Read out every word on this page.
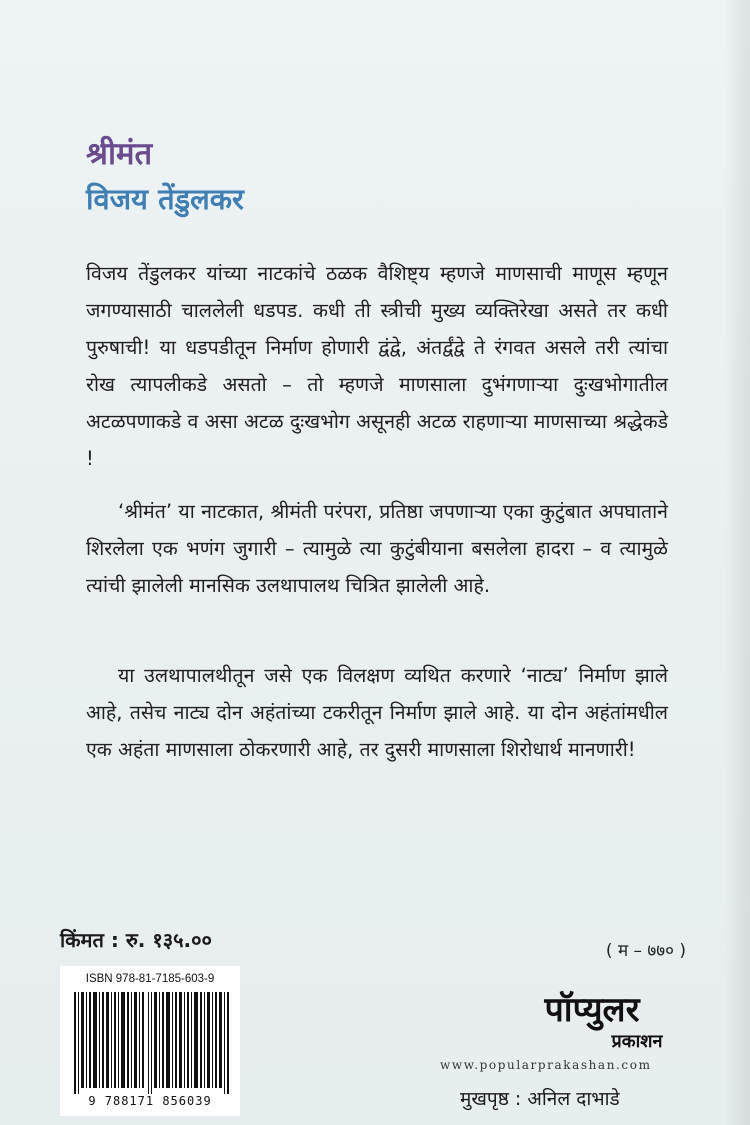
श्रीमंत
विजय तेंडुलकर

विजय तेंडुलकर यांच्या नाटकांचे ठळक वैशिष्ट्य म्हणजे माणसाची माणूस म्हणून जगण्यासाठी चाललेली धडपड. कधी ती स्त्रीची मुख्य व्यक्तिरेखा असते तर कधी पुरुषाची! या धडपडीतून निर्माण होणारी द्वंद्वे, अंतर्द्वंद्वे ते रंगवत असले तरी त्यांचा रोख त्यापलीकडे असतो – तो म्हणजे माणसाला दुभंगणाऱ्या दुःखभोगातील अटळपणाकडे व असा अटळ दुःखभोग असूनही अटळ राहणाऱ्या माणसाच्या श्रद्धेकडे !

‘श्रीमंत’ या नाटकात, श्रीमंती परंपरा, प्रतिष्ठा जपणाऱ्या एका कुटुंबात अपघाताने शिरलेला एक भणंग जुगारी – त्यामुळे त्या कुटुंबीयाना बसलेला हादरा – व त्यामुळे त्यांची झालेली मानसिक उलथापालथ चित्रित झालेली आहे.

या उलथापालथीतून जसे एक विलक्षण व्यथित करणारे ‘नाट्य’ निर्माण झाले आहे, तसेच नाट्य दोन अहंतांच्या टकरीतून निर्माण झाले आहे. या दोन अहंतांमधील एक अहंता माणसाला ठोकरणारी आहे, तर दुसरी माणसाला शिरोधार्थ मानणारी!

किंमत : रु. १३५.००	( म – ७७० )
ISBN 978-81-7185-603-9
9 788171 856039
पॉप्युलर
प्रकाशन
www.popularprakashan.com
मुखपृष्ठ : अनिल दाभाडे
